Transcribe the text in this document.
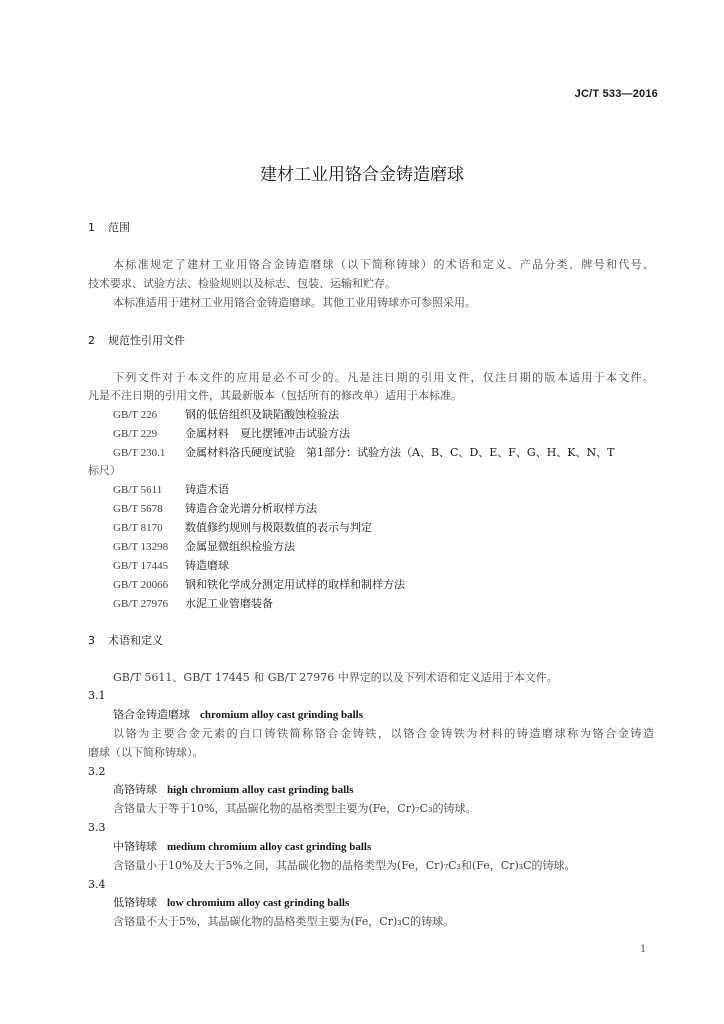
JC/T 533—2016
建材工业用铬合金铸造磨球
1 范围
本标准规定了建材工业用铬合金铸造磨球（以下简称铸球）的术语和定义、产品分类、牌号和代号、
技术要求、试验方法、检验规则以及标志、包装、运输和贮存。
本标准适用于建材工业用铬合金铸造磨球。其他工业用铸球亦可参照采用。
2 规范性引用文件
下列文件对于本文件的应用是必不可少的。凡是注日期的引用文件，仅注日期的版本适用于本文件。
凡是不注日期的引用文件，其最新版本（包括所有的修改单）适用于本标准。
GB/T 226	钢的低倍组织及缺陷酸蚀检验法
GB/T 229	金属材料　夏比摆锤冲击试验方法
GB/T 230.1 金属材料洛氏硬度试验　第1部分：试验方法（A、B、C、D、E、F、G、H、K、N、T
标尺）
GB/T 5611 铸造术语
GB/T 5678 铸造合金光谱分析取样方法
GB/T 8170 数值修约规则与极限数值的表示与判定
GB/T 13298 金属显微组织检验方法
GB/T 17445 铸造磨球
GB/T 20066 钢和铁化学成分测定用试样的取样和制样方法
GB/T 27976 水泥工业管磨装备
3 术语和定义
GB/T 5611、GB/T 17445 和 GB/T 27976 中界定的以及下列术语和定义适用于本文件。
3.1
铬合金铸造磨球 chromium alloy cast grinding balls
以铬为主要合金元素的白口铸铁简称铬合金铸铁，以铬合金铸铁为材料的铸造磨球称为铬合金铸造
磨球（以下简称铸球）。
3.2
高铬铸球 high chromium alloy cast grinding balls
含铬量大于等于10%，其晶碳化物的晶格类型主要为(Fe，Cr)₇C₃的铸球。
3.3
中铬铸球 medium chromium alloy cast grinding balls
含铬量小于10%及大于5%之间，其晶碳化物的晶格类型为(Fe，Cr)₇C₃和(Fe，Cr)₃C的铸球。
3.4
低铬铸球 low chromium alloy cast grinding balls
含铬量不大于5%，其晶碳化物的晶格类型主要为(Fe，Cr)₃C的铸球。
1
